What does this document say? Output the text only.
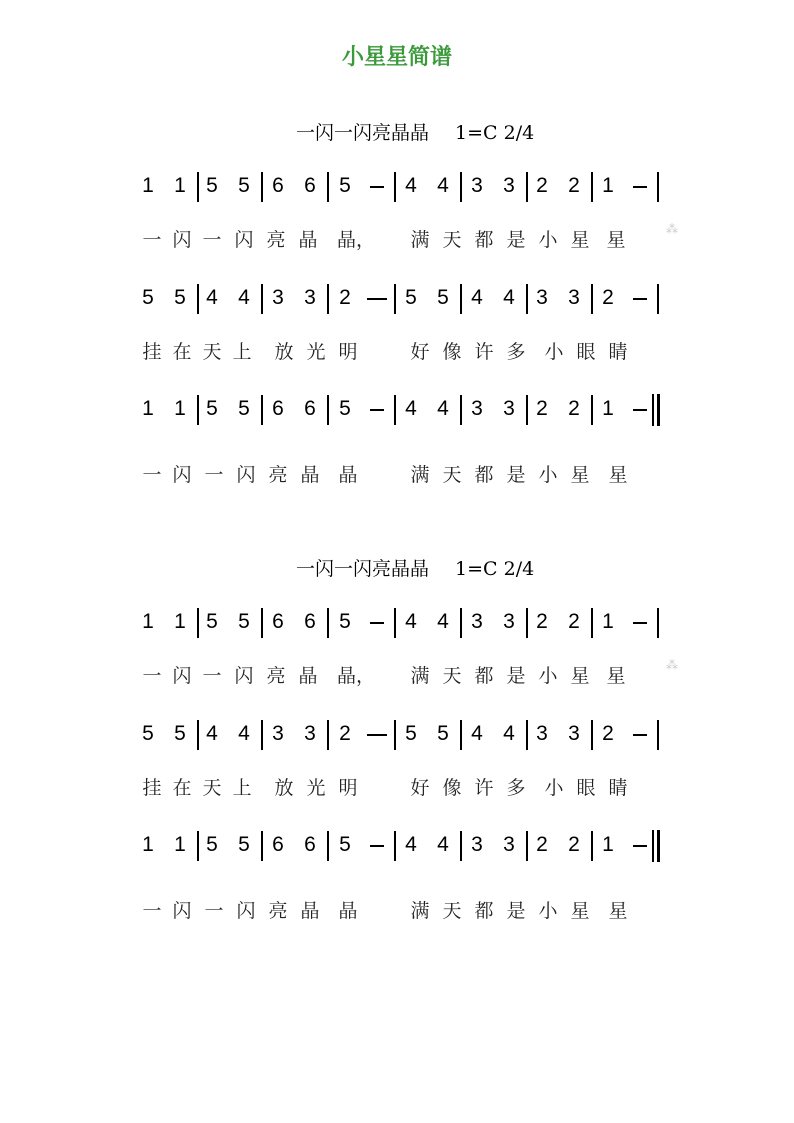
小星星简谱
一闪一闪亮晶晶 1=C 2/4
1 1 5 5 6 6 5	4 4 3 3 2 2 1
5 5 4 4 3 3 2	5 5 4 4 3 3 2
1 1 5 5 6 6 5	4 4 3 3 2 2 1
一 闪 一 闪 亮 晶 晶， 满 天 都 是 小 星 星
挂 在 天 上 放 光 明	好 像 许 多 小 眼 睛
一 闪 一 闪 亮 晶 晶	满 天 都 是 小 星 星
⁂
一闪一闪亮晶晶 1=C 2/4
1 1 5 5 6 6 5	4 4 3 3 2 2 1
5 5 4 4 3 3 2	5 5 4 4 3 3 2
1 1 5 5 6 6 5	4 4 3 3 2 2 1
一 闪 一 闪 亮 晶 晶， 满 天 都 是 小 星 星
挂 在 天 上 放 光 明	好 像 许 多 小 眼 睛
一 闪 一 闪 亮 晶 晶	满 天 都 是 小 星 星
⁂
